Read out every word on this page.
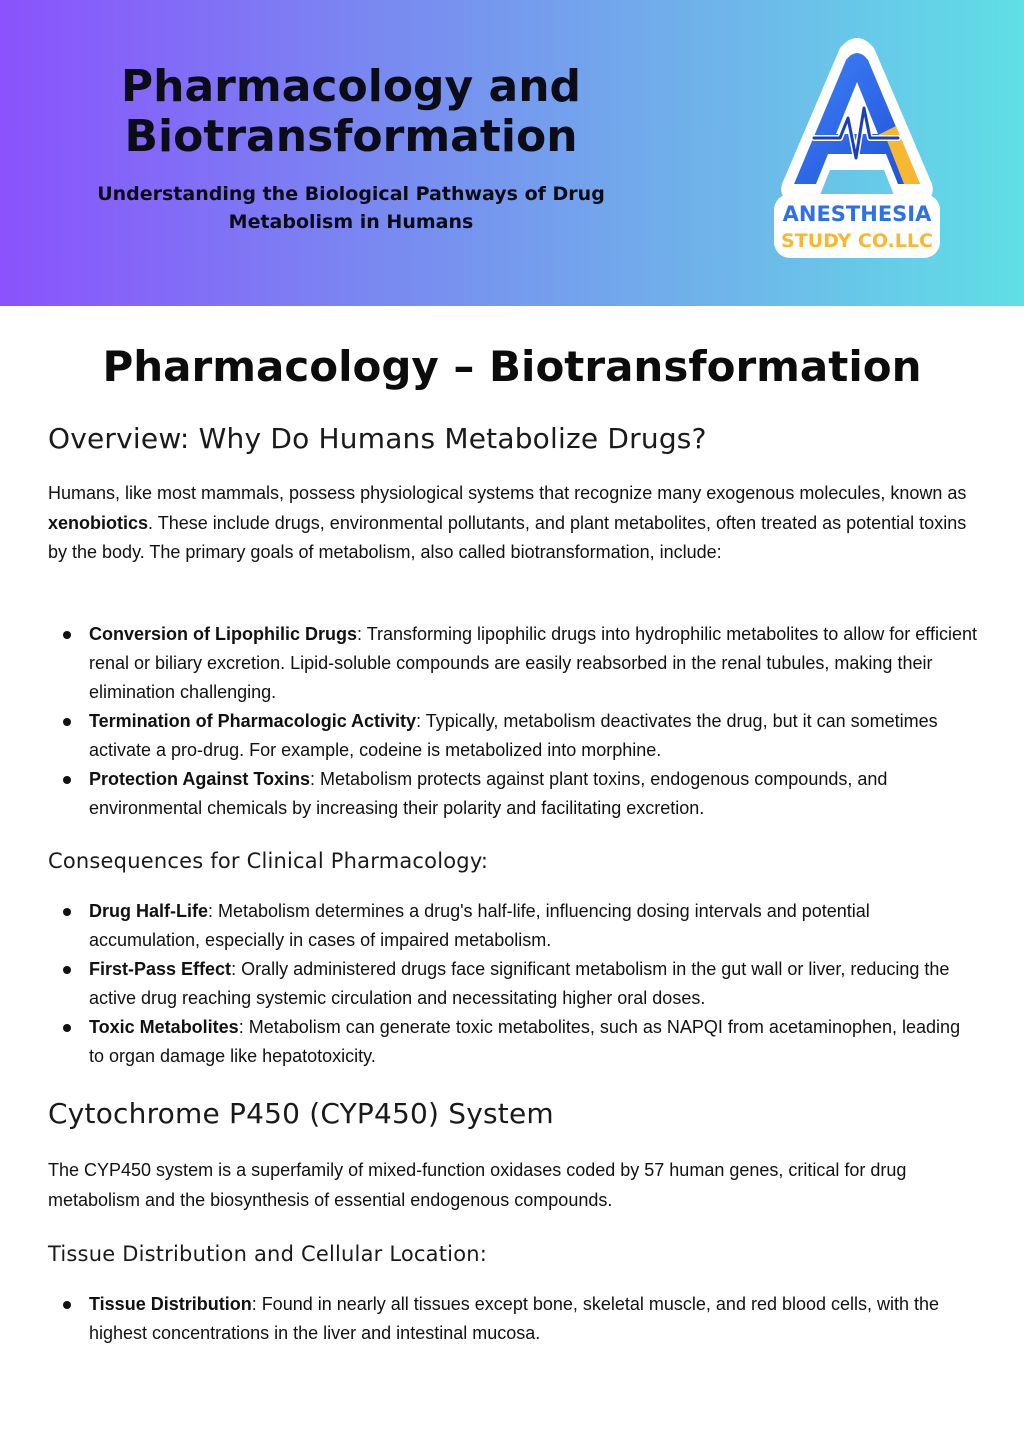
Pharmacology and Biotransformation

Understanding the Biological Pathways of Drug Metabolism in Humans	ANESTHESIA
STUDY CO.LLC
Pharmacology – Biotransformation
Overview: Why Do Humans Metabolize Drugs?

Humans, like most mammals, possess physiological systems that recognize many exogenous molecules, known as xenobiotics. These include drugs, environmental pollutants, and plant metabolites, often treated as potential toxins by the body. The primary goals of metabolism, also called biotransformation, include:

Conversion of Lipophilic Drugs: Transforming lipophilic drugs into hydrophilic metabolites to allow for efficient renal or biliary excretion. Lipid-soluble compounds are easily reabsorbed in the renal tubules, making their elimination challenging.
Termination of Pharmacologic Activity: Typically, metabolism deactivates the drug, but it can sometimes activate a pro-drug. For example, codeine is metabolized into morphine.
Protection Against Toxins: Metabolism protects against plant toxins, endogenous compounds, and environmental chemicals by increasing their polarity and facilitating excretion.
Consequences for Clinical Pharmacology:
Drug Half-Life: Metabolism determines a drug's half-life, influencing dosing intervals and potential accumulation, especially in cases of impaired metabolism.
First-Pass Effect: Orally administered drugs face significant metabolism in the gut wall or liver, reducing the active drug reaching systemic circulation and necessitating higher oral doses.
Toxic Metabolites: Metabolism can generate toxic metabolites, such as NAPQI from acetaminophen, leading to organ damage like hepatotoxicity.
Cytochrome P450 (CYP450) System

The CYP450 system is a superfamily of mixed-function oxidases coded by 57 human genes, critical for drug metabolism and the biosynthesis of essential endogenous compounds.

Tissue Distribution and Cellular Location:
Tissue Distribution: Found in nearly all tissues except bone, skeletal muscle, and red blood cells, with the highest concentrations in the liver and intestinal mucosa.
